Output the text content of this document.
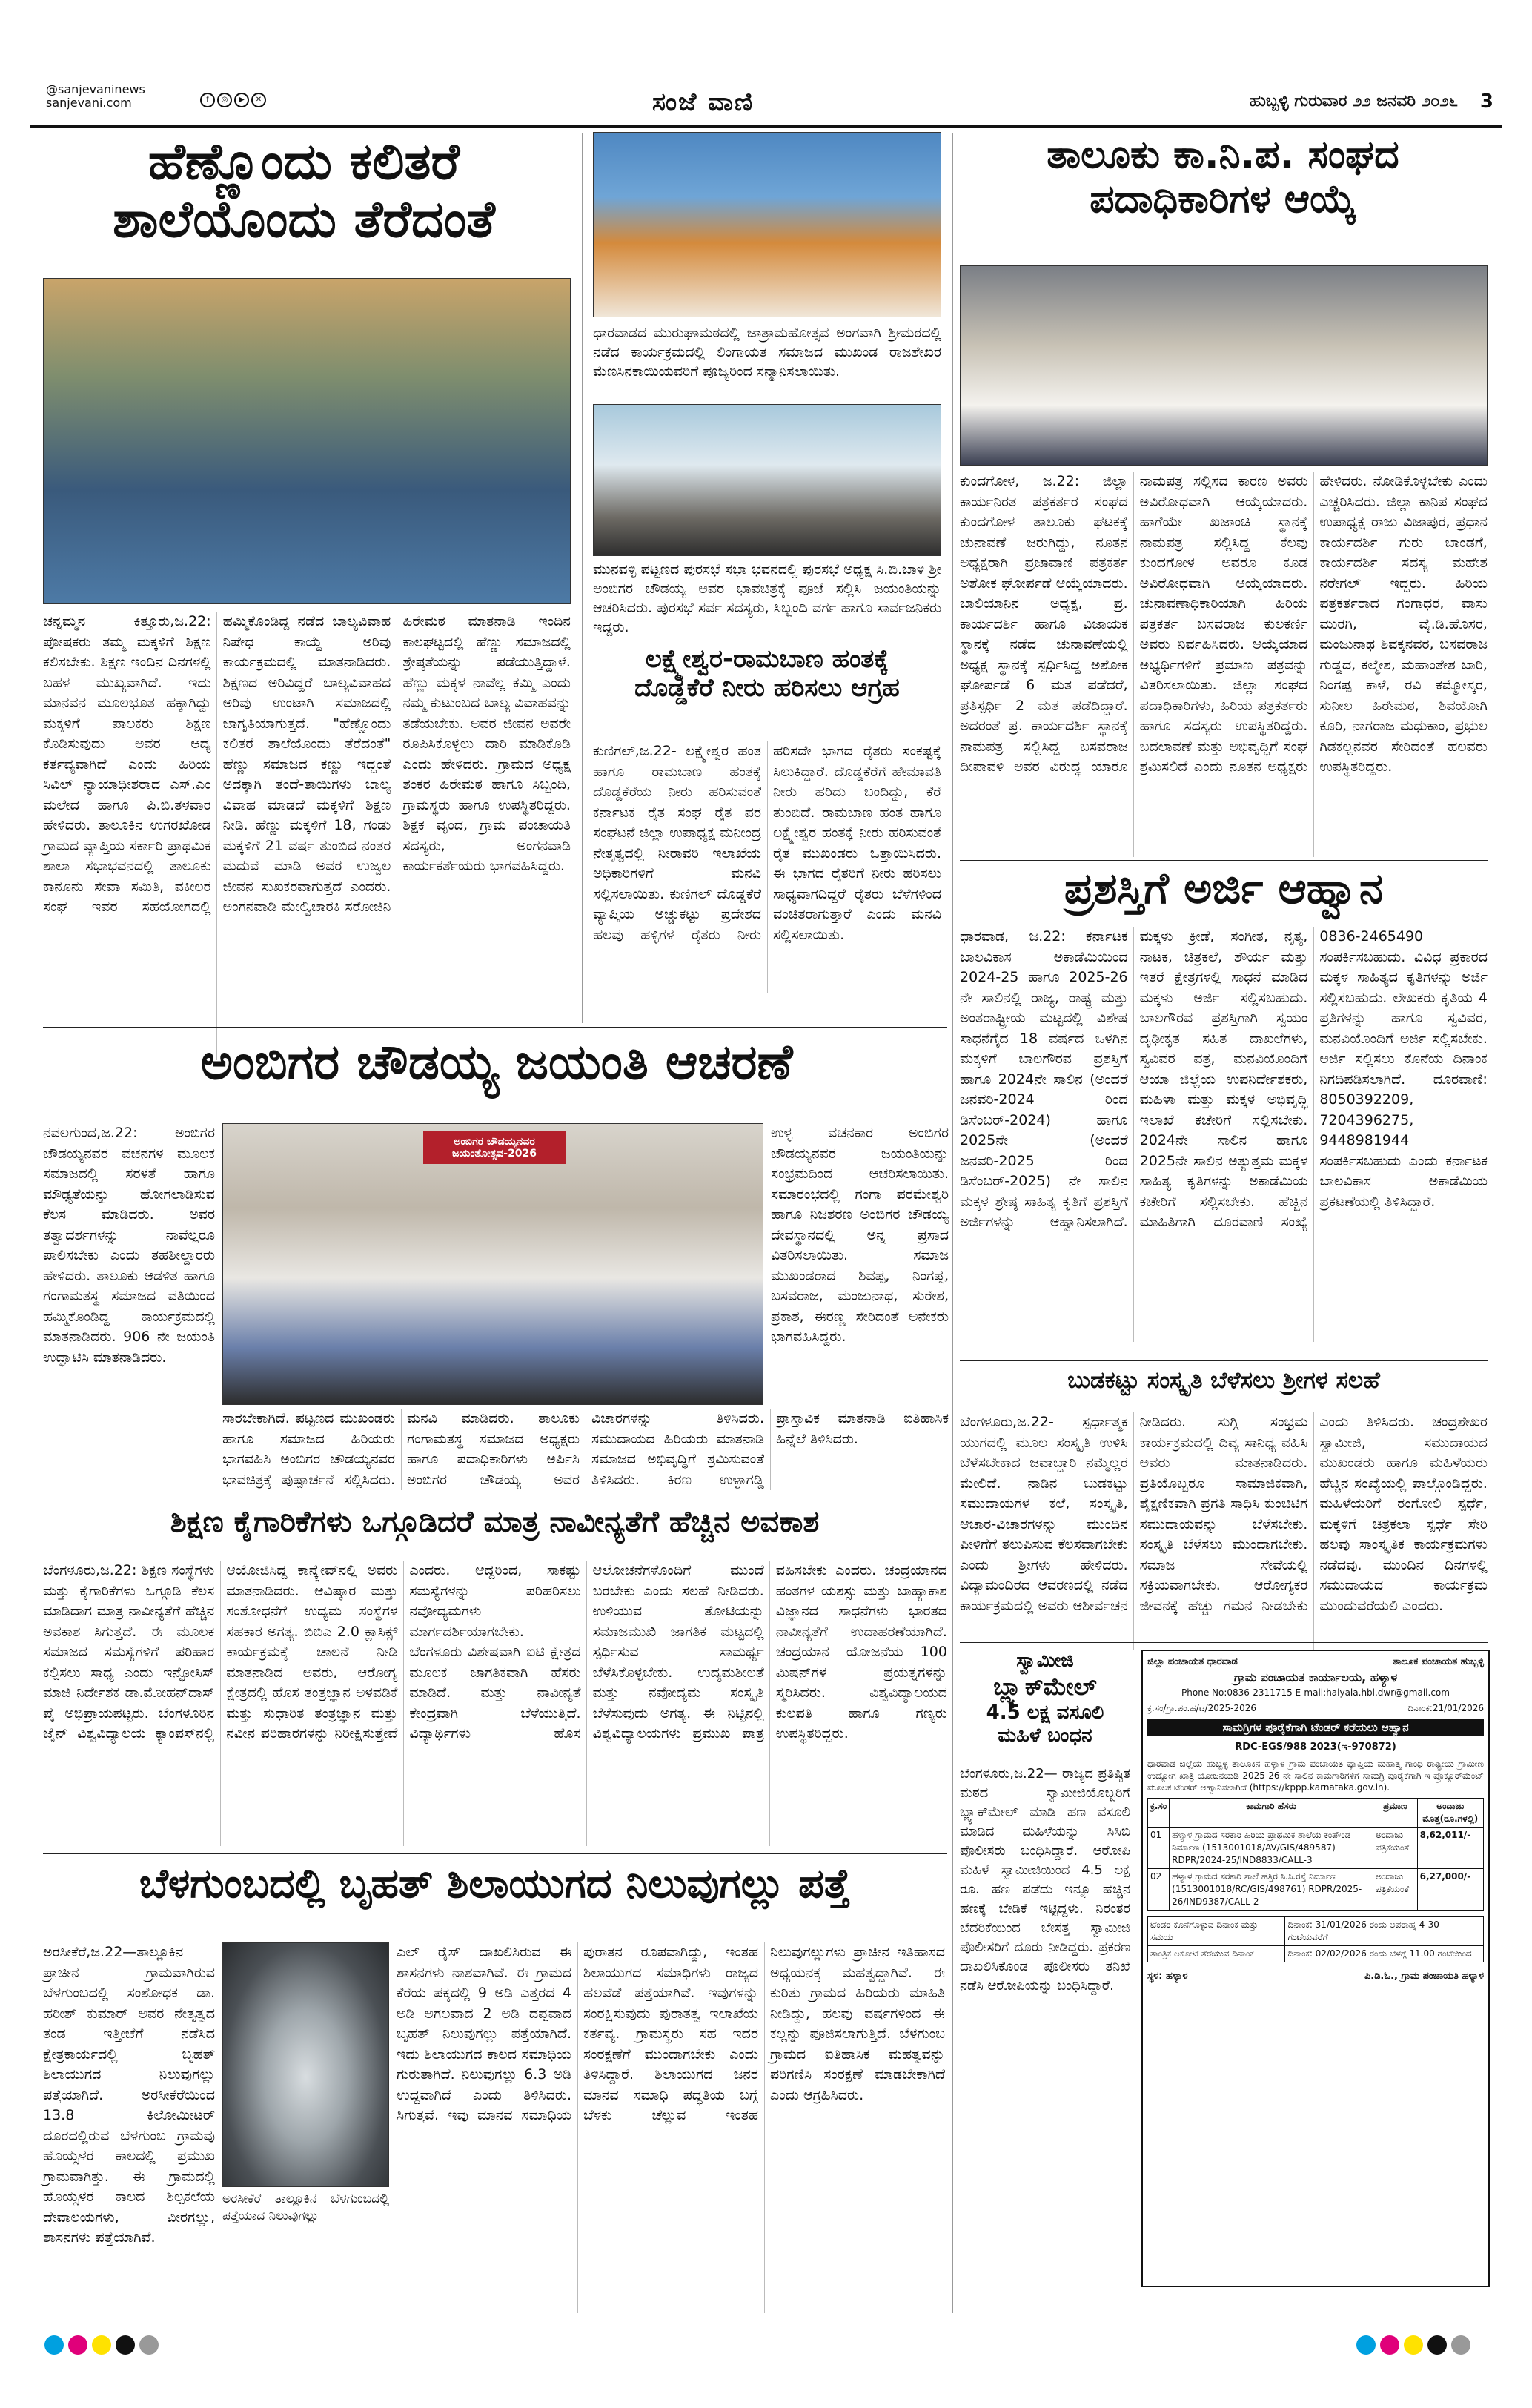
@sanjevaninews
sanjevani.com	f ◎ ▶ ✕	ಸಂಜೆ ವಾಣಿ	ಹುಬ್ಬಳ್ಳಿ ಗುರುವಾರ ೨೨ ಜನವರಿ ೨೦೨೬ 3
ಹೆಣ್ಣೊಂದು ಕಲಿತರೆ
ಶಾಲೆಯೊಂದು ತೆರೆದಂತೆ
ಚನ್ನಮ್ಮನ ಕಿತ್ತೂರು,ಜ.22: ಪೋಷಕರು ತಮ್ಮ ಮಕ್ಕಳಿಗೆ ಶಿಕ್ಷಣ ಕಲಿಸಬೇಕು. ಶಿಕ್ಷಣ ಇಂದಿನ ದಿನಗಳಲ್ಲಿ ಬಹಳ ಮುಖ್ಯವಾಗಿದೆ. ಇದು ಮಾನವನ ಮೂಲಭೂತ ಹಕ್ಕಾಗಿದ್ದು ಮಕ್ಕಳಿಗೆ ಪಾಲಕರು ಶಿಕ್ಷಣ ಕೊಡಿಸುವುದು ಅವರ ಆದ್ಯ ಕರ್ತವ್ಯವಾಗಿದೆ ಎಂದು ಹಿರಿಯ ಸಿವಿಲ್ ನ್ಯಾಯಾಧೀಶರಾದ ಎಸ್.ಎಂ ಮಲೇದ ಹಾಗೂ ಪಿ.ಬಿ.ತಳವಾರ ಹೇಳಿದರು. ತಾಲೂಕಿನ ಉಗರಖೋಡ ಗ್ರಾಮದ ವ್ಯಾಪ್ತಿಯ ಸರ್ಕಾರಿ ಪ್ರಾಥಮಿಕ ಶಾಲಾ ಸಭಾಭವನದಲ್ಲಿ ತಾಲೂಕು ಕಾನೂನು ಸೇವಾ ಸಮಿತಿ, ವಕೀಲರ ಸಂಘ ಇವರ ಸಹಯೋಗದಲ್ಲಿ ಹಮ್ಮಿಕೊಂಡಿದ್ದ ನಡೆದ ಬಾಲ್ಯವಿವಾಹ ನಿಷೇಧ ಕಾಯ್ದೆ ಅರಿವು ಕಾರ್ಯಕ್ರಮದಲ್ಲಿ ಮಾತನಾಡಿದರು. ಶಿಕ್ಷಣದ ಅರಿವಿದ್ದರೆ ಬಾಲ್ಯವಿವಾಹದ ಅರಿವು ಉಂಟಾಗಿ ಸಮಾಜದಲ್ಲಿ ಜಾಗೃತಿಯಾಗುತ್ತದೆ. "ಹೆಣ್ಣೊಂದು ಕಲಿತರೆ ಶಾಲೆಯೊಂದು ತೆರೆದಂತೆ" ಹೆಣ್ಣು ಸಮಾಜದ ಕಣ್ಣು ಇದ್ದಂತೆ ಅದಕ್ಕಾಗಿ ತಂದೆ-ತಾಯಿಗಳು ಬಾಲ್ಯ ವಿವಾಹ ಮಾಡದೆ ಮಕ್ಕಳಿಗೆ ಶಿಕ್ಷಣ ನೀಡಿ. ಹೆಣ್ಣು ಮಕ್ಕಳಿಗೆ 18, ಗಂಡು ಮಕ್ಕಳಿಗೆ 21 ವರ್ಷ ತುಂಬಿದ ನಂತರ ಮದುವೆ ಮಾಡಿ ಅವರ ಉಜ್ವಲ ಜೀವನ ಸುಖಕರವಾಗುತ್ತದೆ ಎಂದರು. ಅಂಗನವಾಡಿ ಮೇಲ್ವಿಚಾರಕಿ ಸರೋಜಿನಿ ಹಿರೇಮಠ ಮಾತನಾಡಿ ಇಂದಿನ ಕಾಲಘಟ್ಟದಲ್ಲಿ ಹೆಣ್ಣು ಸಮಾಜದಲ್ಲಿ ಶ್ರೇಷ್ಠತೆಯನ್ನು ಪಡೆಯುತ್ತಿದ್ದಾಳೆ. ಹೆಣ್ಣು ಮಕ್ಕಳ ನಾವೆಲ್ಲ ಕಮ್ಮಿ ಎಂದು ನಮ್ಮ ಕುಟುಂಬದ ಬಾಲ್ಯ ವಿವಾಹವನ್ನು ತಡೆಯಬೇಕು. ಅವರ ಜೀವನ ಅವರೇ ರೂಪಿಸಿಕೊಳ್ಳಲು ದಾರಿ ಮಾಡಿಕೊಡಿ ಎಂದು ಹೇಳಿದರು. ಗ್ರಾಮದ ಅಧ್ಯಕ್ಷ ಶಂಕರ ಹಿರೇಮಠ ಹಾಗೂ ಸಿಬ್ಬಂದಿ, ಗ್ರಾಮಸ್ಥರು ಹಾಗೂ ಉಪಸ್ಥಿತರಿದ್ದರು. ಶಿಕ್ಷಕ ವೃಂದ, ಗ್ರಾಮ ಪಂಚಾಯತಿ ಸದಸ್ಯರು, ಅಂಗನವಾಡಿ ಕಾರ್ಯಕರ್ತೆಯರು ಭಾಗವಹಿಸಿದ್ದರು.
ಧಾರವಾಡದ ಮುರುಘಾಮಠದಲ್ಲಿ ಜಾತ್ರಾಮಹೋತ್ಸವ ಅಂಗವಾಗಿ ಶ್ರೀಮಠದಲ್ಲಿ ನಡೆದ ಕಾರ್ಯಕ್ರಮದಲ್ಲಿ ಲಿಂಗಾಯತ ಸಮಾಜದ ಮುಖಂಡ ರಾಜಶೇಖರ ಮೆಣಸಿನಕಾಯಿಯವರಿಗೆ ಪೂಜ್ಯರಿಂದ ಸನ್ಮಾನಿಸಲಾಯಿತು.
ಮುನವಳ್ಳಿ ಪಟ್ಟಣದ ಪುರಸಭೆ ಸಭಾ ಭವನದಲ್ಲಿ ಪುರಸಭೆ ಅಧ್ಯಕ್ಷ ಸಿ.ಬಿ.ಬಾಳಿ ಶ್ರೀ ಅಂಬಿಗರ ಚೌಡಯ್ಯ ಅವರ ಭಾವಚಿತ್ರಕ್ಕೆ ಪೂಜೆ ಸಲ್ಲಿಸಿ ಜಯಂತಿಯನ್ನು ಆಚರಿಸಿದರು. ಪುರಸಭೆ ಸರ್ವ ಸದಸ್ಯರು, ಸಿಬ್ಬಂದಿ ವರ್ಗ ಹಾಗೂ ಸಾರ್ವಜನಿಕರು ಇದ್ದರು.
ಲಕ್ಷ್ಮೇಶ್ವರ-ರಾಮಬಾಣ ಹಂತಕ್ಕೆ
ದೊಡ್ಡಕೆರೆ ನೀರು ಹರಿಸಲು ಆಗ್ರಹ
ಕುಣಿಗಲ್,ಜ.22- ಲಕ್ಷ್ಮೇಶ್ವರ ಹಂತ ಹಾಗೂ ರಾಮಬಾಣ ಹಂತಕ್ಕೆ ದೊಡ್ಡಕೆರೆಯ ನೀರು ಹರಿಸುವಂತೆ ಕರ್ನಾಟಕ ರೈತ ಸಂಘ ರೈತ ಪರ ಸಂಘಟನೆ ಜಿಲ್ಲಾ ಉಪಾಧ್ಯಕ್ಷ ಮನೀಂದ್ರ ನೇತೃತ್ವದಲ್ಲಿ ನೀರಾವರಿ ಇಲಾಖೆಯ ಅಧಿಕಾರಿಗಳಿಗೆ ಮನವಿ ಸಲ್ಲಿಸಲಾಯಿತು. ಕುಣಿಗಲ್ ದೊಡ್ಡಕೆರೆ ವ್ಯಾಪ್ತಿಯ ಅಚ್ಚುಕಟ್ಟು ಪ್ರದೇಶದ ಹಲವು ಹಳ್ಳಿಗಳ ರೈತರು ನೀರು ಹರಿಸದೇ ಭಾಗದ ರೈತರು ಸಂಕಷ್ಟಕ್ಕೆ ಸಿಲುಕಿದ್ದಾರೆ. ದೊಡ್ಡಕೆರೆಗೆ ಹೇಮಾವತಿ ನೀರು ಹರಿದು ಬಂದಿದ್ದು, ಕೆರೆ ತುಂಬಿದೆ. ರಾಮಬಾಣ ಹಂತ ಹಾಗೂ ಲಕ್ಷ್ಮೇಶ್ವರ ಹಂತಕ್ಕೆ ನೀರು ಹರಿಸುವಂತೆ ರೈತ ಮುಖಂಡರು ಒತ್ತಾಯಿಸಿದರು. ಈ ಭಾಗದ ರೈತರಿಗೆ ನೀರು ಹರಿಸಲು ಸಾಧ್ಯವಾಗದಿದ್ದರೆ ರೈತರು ಬೆಳೆಗಳಿಂದ ವಂಚಿತರಾಗುತ್ತಾರೆ ಎಂದು ಮನವಿ ಸಲ್ಲಿಸಲಾಯಿತು.
ತಾಲೂಕು ಕಾ.ನಿ.ಪ. ಸಂಘದ
ಪದಾಧಿಕಾರಿಗಳ ಆಯ್ಕೆ
ಕುಂದಗೋಳ, ಜ.22: ಜಿಲ್ಲಾ ಕಾರ್ಯನಿರತ ಪತ್ರಕರ್ತರ ಸಂಘದ ಕುಂದಗೋಳ ತಾಲೂಕು ಘಟಕಕ್ಕೆ ಚುನಾವಣೆ ಜರುಗಿದ್ದು, ನೂತನ ಅಧ್ಯಕ್ಷರಾಗಿ ಪ್ರಜಾವಾಣಿ ಪತ್ರಕರ್ತ ಅಶೋಕ ಘೋರ್ಪಡೆ ಆಯ್ಕೆಯಾದರು. ಬಾಲಿಯಾನಿನ ಅಧ್ಯಕ್ಷ, ಪ್ರ. ಕಾರ್ಯದರ್ಶಿ ಹಾಗೂ ವಿಜಾಯಕ ಸ್ಥಾನಕ್ಕೆ ನಡೆದ ಚುನಾವಣೆಯಲ್ಲಿ ಅಧ್ಯಕ್ಷ ಸ್ಥಾನಕ್ಕೆ ಸ್ಪರ್ಧಿಸಿದ್ದ ಅಶೋಕ ಘೋರ್ಪಡೆ 6 ಮತ ಪಡೆದರೆ, ಪ್ರತಿಸ್ಪರ್ಧಿ 2 ಮತ ಪಡೆದಿದ್ದಾರೆ. ಅದರಂತೆ ಪ್ರ. ಕಾರ್ಯದರ್ಶಿ ಸ್ಥಾನಕ್ಕೆ ನಾಮಪತ್ರ ಸಲ್ಲಿಸಿದ್ದ ಬಸವರಾಜ ದೀಪಾವಳಿ ಅವರ ವಿರುದ್ಧ ಯಾರೂ ನಾಮಪತ್ರ ಸಲ್ಲಿಸದ ಕಾರಣ ಅವರು ಅವಿರೋಧವಾಗಿ ಆಯ್ಕೆಯಾದರು. ಹಾಗೆಯೇ ಖಜಾಂಚಿ ಸ್ಥಾನಕ್ಕೆ ನಾಮಪತ್ರ ಸಲ್ಲಿಸಿದ್ದ ಕೆಲವು ಕುಂದಗೋಳ ಅವರೂ ಕೂಡ ಅವಿರೋಧವಾಗಿ ಆಯ್ಕೆಯಾದರು. ಚುನಾವಣಾಧಿಕಾರಿಯಾಗಿ ಹಿರಿಯ ಪತ್ರಕರ್ತ ಬಸವರಾಜ ಕುಲಕರ್ಣಿ ಅವರು ನಿರ್ವಹಿಸಿದರು. ಆಯ್ಕೆಯಾದ ಅಭ್ಯರ್ಥಿಗಳಿಗೆ ಪ್ರಮಾಣ ಪತ್ರವನ್ನು ವಿತರಿಸಲಾಯಿತು. ಜಿಲ್ಲಾ ಸಂಘದ ಪದಾಧಿಕಾರಿಗಳು, ಹಿರಿಯ ಪತ್ರಕರ್ತರು ಹಾಗೂ ಸದಸ್ಯರು ಉಪಸ್ಥಿತರಿದ್ದರು. ಬದಲಾವಣೆ ಮತ್ತು ಅಭಿವೃದ್ಧಿಗೆ ಸಂಘ ಶ್ರಮಿಸಲಿದೆ ಎಂದು ನೂತನ ಅಧ್ಯಕ್ಷರು ಹೇಳಿದರು. ನೋಡಿಕೊಳ್ಳಬೇಕು ಎಂದು ಎಚ್ಚರಿಸಿದರು. ಜಿಲ್ಲಾ ಕಾನಿಪ ಸಂಘದ ಉಪಾಧ್ಯಕ್ಷ ರಾಜು ವಿಜಾಪುರ, ಪ್ರಧಾನ ಕಾರ್ಯದರ್ಶಿ ಗುರು ಬಾಂಡಗೆ, ಕಾರ್ಯದರ್ಶಿ ಸದಸ್ಯ ಮಹೇಶ ನರೇಗಲ್ ಇದ್ದರು. ಹಿರಿಯ ಪತ್ರಕರ್ತರಾದ ಗಂಗಾಧರ, ವಾಸು ಮುರಗಿ, ವೈ.ಡಿ.ಹೊಸರ, ಮಂಜುನಾಥ ಶಿವಕ್ಕನವರ, ಬಸವರಾಜ ಗುಡ್ಡದ, ಕಲ್ಮೇಶ, ಮಹಾಂತೇಶ ಬಾರಿ, ನಿಂಗಪ್ಪ ಕಾಳೆ, ರವಿ ಕಮ್ಮೋಸ್ಕರ, ಸುನೀಲ ಹಿರೇಮಠ, ಶಿವಯೋಗಿ ಕೂರಿ, ನಾಗರಾಜ ಮಧುಕಾಂ, ಪ್ರಭುಲ ಗಿಡಕಲ್ಲನವರ ಸೇರಿದಂತೆ ಹಲವರು ಉಪಸ್ಥಿತರಿದ್ದರು.
ಪ್ರಶಸ್ತಿಗೆ ಅರ್ಜಿ ಆಹ್ವಾನ
ಧಾರವಾಡ, ಜ.22: ಕರ್ನಾಟಕ ಬಾಲವಿಕಾಸ ಅಕಾಡೆಮಿಯಿಂದ 2024-25 ಹಾಗೂ 2025-26 ನೇ ಸಾಲಿನಲ್ಲಿ ರಾಜ್ಯ, ರಾಷ್ಟ್ರ ಮತ್ತು ಅಂತರಾಷ್ಟ್ರೀಯ ಮಟ್ಟದಲ್ಲಿ ವಿಶೇಷ ಸಾಧನೆಗೈದ 18 ವರ್ಷದ ಒಳಗಿನ ಮಕ್ಕಳಿಗೆ ಬಾಲಗೌರವ ಪ್ರಶಸ್ತಿಗೆ ಹಾಗೂ 2024ನೇ ಸಾಲಿನ (ಅಂದರೆ ಜನವರಿ-2024 ರಿಂದ ಡಿಸೆಂಬರ್-2024) ಹಾಗೂ 2025ನೇ (ಅಂದರೆ ಜನವರಿ-2025 ರಿಂದ ಡಿಸೆಂಬರ್-2025) ನೇ ಸಾಲಿನ ಮಕ್ಕಳ ಶ್ರೇಷ್ಠ ಸಾಹಿತ್ಯ ಕೃತಿಗೆ ಪ್ರಶಸ್ತಿಗೆ ಅರ್ಜಿಗಳನ್ನು ಆಹ್ವಾನಿಸಲಾಗಿದೆ. ಮಕ್ಕಳು ಕ್ರೀಡೆ, ಸಂಗೀತ, ನೃತ್ಯ, ನಾಟಕ, ಚಿತ್ರಕಲೆ, ಶೌರ್ಯ ಮತ್ತು ಇತರೆ ಕ್ಷೇತ್ರಗಳಲ್ಲಿ ಸಾಧನೆ ಮಾಡಿದ ಮಕ್ಕಳು ಅರ್ಜಿ ಸಲ್ಲಿಸಬಹುದು. ಬಾಲಗೌರವ ಪ್ರಶಸ್ತಿಗಾಗಿ ಸ್ವಯಂ ದೃಢೀಕೃತ ಸಹಿತ ದಾಖಲೆಗಳು, ಸ್ವವಿವರ ಪತ್ರ, ಮನವಿಯೊಂದಿಗೆ ಆಯಾ ಜಿಲ್ಲೆಯ ಉಪನಿರ್ದೇಶಕರು, ಮಹಿಳಾ ಮತ್ತು ಮಕ್ಕಳ ಅಭಿವೃದ್ಧಿ ಇಲಾಖೆ ಕಚೇರಿಗೆ ಸಲ್ಲಿಸಬೇಕು. 2024ನೇ ಸಾಲಿನ ಹಾಗೂ 2025ನೇ ಸಾಲಿನ ಅತ್ಯುತ್ತಮ ಮಕ್ಕಳ ಸಾಹಿತ್ಯ ಕೃತಿಗಳನ್ನು ಅಕಾಡೆಮಿಯ ಕಚೇರಿಗೆ ಸಲ್ಲಿಸಬೇಕು. ಹೆಚ್ಚಿನ ಮಾಹಿತಿಗಾಗಿ ದೂರವಾಣಿ ಸಂಖ್ಯೆ 0836-2465490 ಸಂಪರ್ಕಿಸಬಹುದು. ವಿವಿಧ ಪ್ರಕಾರದ ಮಕ್ಕಳ ಸಾಹಿತ್ಯದ ಕೃತಿಗಳನ್ನು ಅರ್ಜಿ ಸಲ್ಲಿಸಬಹುದು. ಲೇಖಕರು ಕೃತಿಯ 4 ಪ್ರತಿಗಳನ್ನು ಹಾಗೂ ಸ್ವವಿವರ, ಮನವಿಯೊಂದಿಗೆ ಅರ್ಜಿ ಸಲ್ಲಿಸಬೇಕು. ಅರ್ಜಿ ಸಲ್ಲಿಸಲು ಕೊನೆಯ ದಿನಾಂಕ ನಿಗದಿಪಡಿಸಲಾಗಿದೆ. ದೂರವಾಣಿ: 8050392209, 7204396275, 9448981944 ಸಂಪರ್ಕಿಸಬಹುದು ಎಂದು ಕರ್ನಾಟಕ ಬಾಲವಿಕಾಸ ಅಕಾಡೆಮಿಯ ಪ್ರಕಟಣೆಯಲ್ಲಿ ತಿಳಿಸಿದ್ದಾರೆ.
ಅಂಬಿಗರ ಚೌಡಯ್ಯ ಜಯಂತಿ ಆಚರಣೆ
ನವಲಗುಂದ,ಜ.22: ಅಂಬಿಗರ ಚೌಡಯ್ಯನವರ ವಚನಗಳ ಮೂಲಕ ಸಮಾಜದಲ್ಲಿ ಸರಳತೆ ಹಾಗೂ ಮೌಢ್ಯತೆಯನ್ನು ಹೋಗಲಾಡಿಸುವ ಕೆಲಸ ಮಾಡಿದರು. ಅವರ ತತ್ವಾದರ್ಶಗಳನ್ನು ನಾವೆಲ್ಲರೂ ಪಾಲಿಸಬೇಕು ಎಂದು ತಹಶೀಲ್ದಾರರು ಹೇಳಿದರು. ತಾಲೂಕು ಆಡಳಿತ ಹಾಗೂ ಗಂಗಾಮತಸ್ಥ ಸಮಾಜದ ವತಿಯಿಂದ ಹಮ್ಮಿಕೊಂಡಿದ್ದ ಕಾರ್ಯಕ್ರಮದಲ್ಲಿ ಮಾತನಾಡಿದರು. 906 ನೇ ಜಯಂತಿ ಉದ್ಘಾಟಿಸಿ ಮಾತನಾಡಿದರು.
ಅಂಬಿಗರ ಚೌಡಯ್ಯನವರ ಜಯಂತೋತ್ಸವ-2026
ಉಳ್ಳ ವಚನಕಾರ ಅಂಬಿಗರ ಚೌಡಯ್ಯನವರ ಜಯಂತಿಯನ್ನು ಸಂಭ್ರಮದಿಂದ ಆಚರಿಸಲಾಯಿತು. ಸಮಾರಂಭದಲ್ಲಿ ಗಂಗಾ ಪರಮೇಶ್ವರಿ ಹಾಗೂ ನಿಜಶರಣ ಅಂಬಿಗರ ಚೌಡಯ್ಯ ದೇವಸ್ಥಾನದಲ್ಲಿ ಅನ್ನ ಪ್ರಸಾದ ವಿತರಿಸಲಾಯಿತು. ಸಮಾಜ ಮುಖಂಡರಾದ ಶಿವಪ್ಪ, ನಿಂಗಪ್ಪ, ಬಸವರಾಜ, ಮಂಜುನಾಥ, ಸುರೇಶ, ಪ್ರಕಾಶ, ಈರಣ್ಣ ಸೇರಿದಂತೆ ಅನೇಕರು ಭಾಗವಹಿಸಿದ್ದರು.
ಸಾರಬೇಕಾಗಿದೆ. ಪಟ್ಟಣದ ಮುಖಂಡರು ಹಾಗೂ ಸಮಾಜದ ಹಿರಿಯರು ಭಾಗವಹಿಸಿ ಅಂಬಿಗರ ಚೌಡಯ್ಯನವರ ಭಾವಚಿತ್ರಕ್ಕೆ ಪುಷ್ಪಾರ್ಚನೆ ಸಲ್ಲಿಸಿದರು. ಮನವಿ ಮಾಡಿದರು. ತಾಲೂಕು ಗಂಗಾಮತಸ್ಥ ಸಮಾಜದ ಅಧ್ಯಕ್ಷರು ಹಾಗೂ ಪದಾಧಿಕಾರಿಗಳು ಅರ್ಪಿಸಿ ಅಂಬಿಗರ ಚೌಡಯ್ಯ ಅವರ ವಿಚಾರಗಳನ್ನು ತಿಳಿಸಿದರು. ಸಮುದಾಯದ ಹಿರಿಯರು ಮಾತನಾಡಿ ಸಮಾಜದ ಅಭಿವೃದ್ಧಿಗೆ ಶ್ರಮಿಸುವಂತೆ ತಿಳಿಸಿದರು. ಕಿರಣ ಉಳ್ಳಾಗಡ್ಡಿ ಪ್ರಾಸ್ತಾವಿಕ ಮಾತನಾಡಿ ಐತಿಹಾಸಿಕ ಹಿನ್ನೆಲೆ ತಿಳಿಸಿದರು.
ಬುಡಕಟ್ಟು ಸಂಸ್ಕೃತಿ ಬೆಳೆಸಲು ಶ್ರೀಗಳ ಸಲಹೆ
ಬೆಂಗಳೂರು,ಜ.22- ಸ್ಪರ್ಧಾತ್ಮಕ ಯುಗದಲ್ಲಿ ಮೂಲ ಸಂಸ್ಕೃತಿ ಉಳಿಸಿ ಬೆಳೆಸಬೇಕಾದ ಜವಾಬ್ದಾರಿ ನಮ್ಮೆಲ್ಲರ ಮೇಲಿದೆ. ನಾಡಿನ ಬುಡಕಟ್ಟು ಸಮುದಾಯಗಳ ಕಲೆ, ಸಂಸ್ಕೃತಿ, ಆಚಾರ-ವಿಚಾರಗಳನ್ನು ಮುಂದಿನ ಪೀಳಿಗೆಗೆ ತಲುಪಿಸುವ ಕೆಲಸವಾಗಬೇಕು ಎಂದು ಶ್ರೀಗಳು ಹೇಳಿದರು. ವಿದ್ಯಾಮಂದಿರದ ಆವರಣದಲ್ಲಿ ನಡೆದ ಕಾರ್ಯಕ್ರಮದಲ್ಲಿ ಅವರು ಆಶೀರ್ವಚನ ನೀಡಿದರು. ಸುಗ್ಗಿ ಸಂಭ್ರಮ ಕಾರ್ಯಕ್ರಮದಲ್ಲಿ ದಿವ್ಯ ಸಾನಿಧ್ಯ ವಹಿಸಿ ಅವರು ಮಾತನಾಡಿದರು. ಪ್ರತಿಯೊಬ್ಬರೂ ಸಾಮಾಜಿಕವಾಗಿ, ಶೈಕ್ಷಣಿಕವಾಗಿ ಪ್ರಗತಿ ಸಾಧಿಸಿ ಕುಂಚಿಟಿಗ ಸಮುದಾಯವನ್ನು ಬೆಳೆಸಬೇಕು. ಸಂಸ್ಕೃತಿ ಬೆಳೆಸಲು ಮುಂದಾಗಬೇಕು. ಸಮಾಜ ಸೇವೆಯಲ್ಲಿ ಸಕ್ರಿಯವಾಗಬೇಕು. ಆರೋಗ್ಯಕರ ಜೀವನಕ್ಕೆ ಹೆಚ್ಚು ಗಮನ ನೀಡಬೇಕು ಎಂದು ತಿಳಿಸಿದರು. ಚಂದ್ರಶೇಖರ ಸ್ವಾಮೀಜಿ, ಸಮುದಾಯದ ಮುಖಂಡರು ಹಾಗೂ ಮಹಿಳೆಯರು ಹೆಚ್ಚಿನ ಸಂಖ್ಯೆಯಲ್ಲಿ ಪಾಲ್ಗೊಂಡಿದ್ದರು. ಮಹಿಳೆಯರಿಗೆ ರಂಗೋಲಿ ಸ್ಪರ್ಧೆ, ಮಕ್ಕಳಿಗೆ ಚಿತ್ರಕಲಾ ಸ್ಪರ್ಧೆ ಸೇರಿ ಹಲವು ಸಾಂಸ್ಕೃತಿಕ ಕಾರ್ಯಕ್ರಮಗಳು ನಡೆದವು. ಮುಂದಿನ ದಿನಗಳಲ್ಲಿ ಸಮುದಾಯದ ಕಾರ್ಯಕ್ರಮ ಮುಂದುವರೆಯಲಿ ಎಂದರು.
ಶಿಕ್ಷಣ ಕೈಗಾರಿಕೆಗಳು ಒಗ್ಗೂಡಿದರೆ ಮಾತ್ರ ನಾವೀನ್ಯತೆಗೆ ಹೆಚ್ಚಿನ ಅವಕಾಶ
ಬೆಂಗಳೂರು,ಜ.22: ಶಿಕ್ಷಣ ಸಂಸ್ಥೆಗಳು ಮತ್ತು ಕೈಗಾರಿಕೆಗಳು ಒಗ್ಗೂಡಿ ಕೆಲಸ ಮಾಡಿದಾಗ ಮಾತ್ರ ನಾವೀನ್ಯತೆಗೆ ಹೆಚ್ಚಿನ ಅವಕಾಶ ಸಿಗುತ್ತದೆ. ಈ ಮೂಲಕ ಸಮಾಜದ ಸಮಸ್ಯೆಗಳಿಗೆ ಪರಿಹಾರ ಕಲ್ಪಿಸಲು ಸಾಧ್ಯ ಎಂದು ಇನ್ಫೋಸಿಸ್ ಮಾಜಿ ನಿರ್ದೇಶಕ ಡಾ.ಮೋಹನ್‌ದಾಸ್ ಪೈ ಅಭಿಪ್ರಾಯಪಟ್ಟರು. ಬೆಂಗಳೂರಿನ ಜೈನ್ ವಿಶ್ವವಿದ್ಯಾಲಯ ಕ್ಯಾಂಪಸ್‌ನಲ್ಲಿ ಆಯೋಜಿಸಿದ್ದ ಕಾನ್ಕ್ಲೇವ್‌ನಲ್ಲಿ ಅವರು ಮಾತನಾಡಿದರು. ಆವಿಷ್ಕಾರ ಮತ್ತು ಸಂಶೋಧನೆಗೆ ಉದ್ಯಮ ಸಂಸ್ಥೆಗಳ ಸಹಕಾರ ಅಗತ್ಯ. ಬಿಬಿಎ 2.0 ಕ್ಲಾಸಿಕ್ಸ್ ಕಾರ್ಯಕ್ರಮಕ್ಕೆ ಚಾಲನೆ ನೀಡಿ ಮಾತನಾಡಿದ ಅವರು, ಆರೋಗ್ಯ ಕ್ಷೇತ್ರದಲ್ಲಿ ಹೊಸ ತಂತ್ರಜ್ಞಾನ ಅಳವಡಿಕೆ ಮತ್ತು ಸುಧಾರಿತ ತಂತ್ರಜ್ಞಾನ ಮತ್ತು ನವೀನ ಪರಿಹಾರಗಳನ್ನು ನಿರೀಕ್ಷಿಸುತ್ತೇವೆ ಎಂದರು. ಆದ್ದರಿಂದ, ಸಾಕಷ್ಟು ಸಮಸ್ಯೆಗಳನ್ನು ಪರಿಹರಿಸಲು ನವೋದ್ಯಮಗಳು ಮಾರ್ಗದರ್ಶಿಯಾಗಬೇಕು. ಬೆಂಗಳೂರು ವಿಶೇಷವಾಗಿ ಐಟಿ ಕ್ಷೇತ್ರದ ಮೂಲಕ ಜಾಗತಿಕವಾಗಿ ಹೆಸರು ಮಾಡಿದೆ. ಮತ್ತು ನಾವೀನ್ಯತೆ ಕೇಂದ್ರವಾಗಿ ಬೆಳೆಯುತ್ತಿದೆ. ವಿದ್ಯಾರ್ಥಿಗಳು ಹೊಸ ಆಲೋಚನೆಗಳೊಂದಿಗೆ ಮುಂದೆ ಬರಬೇಕು ಎಂದು ಸಲಹೆ ನೀಡಿದರು. ಉಳಿಯುವ ತೋಟಿಯನ್ನು ಸಮಾಜಮುಖಿ ಜಾಗತಿಕ ಮಟ್ಟದಲ್ಲಿ ಸ್ಪರ್ಧಿಸುವ ಸಾಮರ್ಥ್ಯ ಬೆಳೆಸಿಕೊಳ್ಳಬೇಕು. ಉದ್ಯಮಶೀಲತೆ ಮತ್ತು ನವೋದ್ಯಮ ಸಂಸ್ಕೃತಿ ಬೆಳೆಸುವುದು ಅಗತ್ಯ. ಈ ನಿಟ್ಟಿನಲ್ಲಿ ವಿಶ್ವವಿದ್ಯಾಲಯಗಳು ಪ್ರಮುಖ ಪಾತ್ರ ವಹಿಸಬೇಕು ಎಂದರು. ಚಂದ್ರಯಾನದ ಹಂತಗಳ ಯಶಸ್ಸು ಮತ್ತು ಬಾಹ್ಯಾಕಾಶ ವಿಜ್ಞಾನದ ಸಾಧನೆಗಳು ಭಾರತದ ನಾವೀನ್ಯತೆಗೆ ಉದಾಹರಣೆಯಾಗಿದೆ. ಚಂದ್ರಯಾನ ಯೋಜನೆಯ 100 ಮಿಷನ್‌ಗಳ ಪ್ರಯತ್ನಗಳನ್ನು ಸ್ಮರಿಸಿದರು. ವಿಶ್ವವಿದ್ಯಾಲಯದ ಕುಲಪತಿ ಹಾಗೂ ಗಣ್ಯರು ಉಪಸ್ಥಿತರಿದ್ದರು.
ಸ್ವಾಮೀಜಿ
ಬ್ಲ್ಯಾಕ್‌ಮೇಲ್
4.5 ಲಕ್ಷ ವಸೂಲಿ
ಮಹಿಳೆ ಬಂಧನ
ಬೆಂಗಳೂರು,ಜ.22— ರಾಜ್ಯದ ಪ್ರತಿಷ್ಠಿತ ಮಠದ ಸ್ವಾಮೀಜಿಯೊಬ್ಬರಿಗೆ ಬ್ಲ್ಯಾಕ್‌ಮೇಲ್ ಮಾಡಿ ಹಣ ವಸೂಲಿ ಮಾಡಿದ ಮಹಿಳೆಯನ್ನು ಸಿಸಿಬಿ ಪೊಲೀಸರು ಬಂಧಿಸಿದ್ದಾರೆ. ಆರೋಪಿ ಮಹಿಳೆ ಸ್ವಾಮೀಜಿಯಿಂದ 4.5 ಲಕ್ಷ ರೂ. ಹಣ ಪಡೆದು ಇನ್ನೂ ಹೆಚ್ಚಿನ ಹಣಕ್ಕೆ ಬೇಡಿಕೆ ಇಟ್ಟಿದ್ದಳು. ನಿರಂತರ ಬೆದರಿಕೆಯಿಂದ ಬೇಸತ್ತ ಸ್ವಾಮೀಜಿ ಪೊಲೀಸರಿಗೆ ದೂರು ನೀಡಿದ್ದರು. ಪ್ರಕರಣ ದಾಖಲಿಸಿಕೊಂಡ ಪೊಲೀಸರು ತನಿಖೆ ನಡೆಸಿ ಆರೋಪಿಯನ್ನು ಬಂಧಿಸಿದ್ದಾರೆ.
ಜಿಲ್ಲಾ ಪಂಚಾಯತ ಧಾರವಾಡ	ತಾಲೂಕ ಪಂಚಾಯತ ಹುಬ್ಬಳ್ಳಿ
ಗ್ರಾಮ ಪಂಚಾಯತ ಕಾರ್ಯಾಲಯ, ಹಳ್ಯಾಳ
Phone No:0836-2311715 E-mail:halyala.hbl.dwr@gmail.com
ಕ್ರ.ಸಂ/ಗ್ರಾ.ಪಂ.ಹ/ಟ/2025-2026	ದಿನಾಂಕ:21/01/2026
ಸಾಮಗ್ರಿಗಳ ಪೂರೈಕೆಗಾಗಿ ಟೆಂಡರ್ ಕರೆಯಲು ಆಹ್ವಾನ
RDC-EGS/988 2023(ಇ-970872)
ಧಾರವಾಡ ಜಿಲ್ಲೆಯ ಹುಬ್ಬಳ್ಳಿ ತಾಲೂಕಿನ ಹಳ್ಯಾಳ ಗ್ರಾಮ ಪಂಚಾಯತಿ ವ್ಯಾಪ್ತಿಯ ಮಹಾತ್ಮ ಗಾಂಧಿ ರಾಷ್ಟ್ರೀಯ ಗ್ರಾಮೀಣ ಉದ್ಯೋಗ ಖಾತ್ರಿ ಯೋಜನೆಯಡಿ 2025-26 ನೇ ಸಾಲಿನ ಕಾಮಗಾರಿಗಳಿಗೆ ಸಾಮಗ್ರಿ ಪೂರೈಕೆಗಾಗಿ ಇ-ಪ್ರೊಕ್ಯೂರ್‌ಮೆಂಟ್ ಮೂಲಕ ಟೆಂಡರ್ ಆಹ್ವಾನಿಸಲಾಗಿದೆ (https://kppp.karnataka.gov.in).
ಕ್ರ.ಸಂ	ಕಾಮಗಾರಿ ಹೆಸರು	ಪ್ರಮಾಣ	ಅಂದಾಜು ಮೊತ್ತ(ರೂ.ಗಳಲ್ಲಿ)
01	ಹಳ್ಯಾಳ ಗ್ರಾಮದ ಸರಕಾರಿ ಹಿರಿಯ ಪ್ರಾಥಮಿಕ ಶಾಲೆಯ ಕಂಪೌಂಡ ನಿರ್ಮಾಣ (1513001018/AV/GIS/489587) RDPR/2024-25/IND8833/CALL-3	ಅಂದಾಜು ಪತ್ರಿಕೆಯಂತೆ	8,62,011/-
02	ಹಳ್ಯಾಳ ಗ್ರಾಮದ ಸರಕಾರಿ ಶಾಲೆ ಹತ್ತಿರ ಸಿ.ಸಿ.ರಸ್ತೆ ನಿರ್ಮಾಣ (1513001018/RC/GIS/498761) RDPR/2025-26/IND9387/CALL-2	ಅಂದಾಜು ಪತ್ರಿಕೆಯಂತೆ	6,27,000/-
ಟೆಂಡರ ಕೊನೆಗೊಳ್ಳುವ ದಿನಾಂಕ ಮತ್ತು ಸಮಯ	ದಿನಾಂಕ: 31/01/2026 ರಂದು ಅಪರಾಹ್ನ 4-30 ಗಂಟೆಯವರೆಗೆ
ತಾಂತ್ರಿಕ ಲಕೋಟೆ ತೆರೆಯುವ ದಿನಾಂಕ	ದಿನಾಂಕ: 02/02/2026 ರಂದು ಬೆಳಗ್ಗೆ 11.00 ಗಂಟೆಯಿಂದ
ಸ್ಥಳ: ಹಳ್ಯಾಳ	ಪಿ.ಡಿ.ಓ., ಗ್ರಾಮ ಪಂಚಾಯತಿ ಹಳ್ಯಾಳ
ಬೆಳಗುಂಬದಲ್ಲಿ ಬೃಹತ್ ಶಿಲಾಯುಗದ ನಿಲುವುಗಲ್ಲು ಪತ್ತೆ
ಅರಸೀಕೆರೆ,ಜ.22—ತಾಲ್ಲೂಕಿನ ಪ್ರಾಚೀನ ಗ್ರಾಮವಾಗಿರುವ ಬೆಳಗುಂಬದಲ್ಲಿ ಸಂಶೋಧಕ ಡಾ. ಹರೀಶ್ ಕುಮಾರ್ ಅವರ ನೇತೃತ್ವದ ತಂಡ ಇತ್ತೀಚೆಗೆ ನಡೆಸಿದ ಕ್ಷೇತ್ರಕಾರ್ಯದಲ್ಲಿ ಬೃಹತ್ ಶಿಲಾಯುಗದ ನಿಲುವುಗಲ್ಲು ಪತ್ತೆಯಾಗಿದೆ. ಅರಸೀಕೆರೆಯಿಂದ 13.8 ಕಿಲೋಮೀಟರ್ ದೂರದಲ್ಲಿರುವ ಬೆಳಗುಂಬ ಗ್ರಾಮವು ಹೊಯ್ಸಳರ ಕಾಲದಲ್ಲಿ ಪ್ರಮುಖ ಗ್ರಾಮವಾಗಿತ್ತು. ಈ ಗ್ರಾಮದಲ್ಲಿ ಹೊಯ್ಸಳರ ಕಾಲದ ಶಿಲ್ಪಕಲೆಯ ದೇವಾಲಯಗಳು, ವೀರಗಲ್ಲು, ಶಾಸನಗಳು ಪತ್ತೆಯಾಗಿವೆ.
ಅರಸೀಕೆರೆ ತಾಲ್ಲೂಕಿನ ಬೆಳಗುಂಬದಲ್ಲಿ ಪತ್ತೆಯಾದ ನಿಲುವುಗಲ್ಲು
ಎಲ್ ರೈಸ್ ದಾಖಲಿಸಿರುವ ಈ ಶಾಸನಗಳು ನಾಶವಾಗಿವೆ. ಈ ಗ್ರಾಮದ ಕೆರೆಯ ಪಕ್ಕದಲ್ಲಿ 9 ಅಡಿ ಎತ್ತರದ 4 ಅಡಿ ಅಗಲವಾದ 2 ಅಡಿ ದಪ್ಪವಾದ ಬೃಹತ್ ನಿಲುವುಗಲ್ಲು ಪತ್ತೆಯಾಗಿದೆ. ಇದು ಶಿಲಾಯುಗದ ಕಾಲದ ಸಮಾಧಿಯ ಗುರುತಾಗಿದೆ. ನಿಲುವುಗಲ್ಲು 6.3 ಅಡಿ ಉದ್ದವಾಗಿದೆ ಎಂದು ತಿಳಿಸಿದರು. ಸಿಗುತ್ತವೆ. ಇವು ಮಾನವ ಸಮಾಧಿಯ ಪುರಾತನ ರೂಪವಾಗಿದ್ದು, ಇಂತಹ ಶಿಲಾಯುಗದ ಸಮಾಧಿಗಳು ರಾಜ್ಯದ ಹಲವೆಡೆ ಪತ್ತೆಯಾಗಿವೆ. ಇವುಗಳನ್ನು ಸಂರಕ್ಷಿಸುವುದು ಪುರಾತತ್ವ ಇಲಾಖೆಯ ಕರ್ತವ್ಯ. ಗ್ರಾಮಸ್ಥರು ಸಹ ಇದರ ಸಂರಕ್ಷಣೆಗೆ ಮುಂದಾಗಬೇಕು ಎಂದು ತಿಳಿಸಿದ್ದಾರೆ. ಶಿಲಾಯುಗದ ಜನರ ಮಾನವ ಸಮಾಧಿ ಪದ್ಧತಿಯ ಬಗ್ಗೆ ಬೆಳಕು ಚೆಲ್ಲುವ ಇಂತಹ ನಿಲುವುಗಲ್ಲುಗಳು ಪ್ರಾಚೀನ ಇತಿಹಾಸದ ಅಧ್ಯಯನಕ್ಕೆ ಮಹತ್ವದ್ದಾಗಿವೆ. ಈ ಕುರಿತು ಗ್ರಾಮದ ಹಿರಿಯರು ಮಾಹಿತಿ ನೀಡಿದ್ದು, ಹಲವು ವರ್ಷಗಳಿಂದ ಈ ಕಲ್ಲನ್ನು ಪೂಜಿಸಲಾಗುತ್ತಿದೆ. ಬೆಳಗುಂಬ ಗ್ರಾಮದ ಐತಿಹಾಸಿಕ ಮಹತ್ವವನ್ನು ಪರಿಗಣಿಸಿ ಸಂರಕ್ಷಣೆ ಮಾಡಬೇಕಾಗಿದೆ ಎಂದು ಆಗ್ರಹಿಸಿದರು.
